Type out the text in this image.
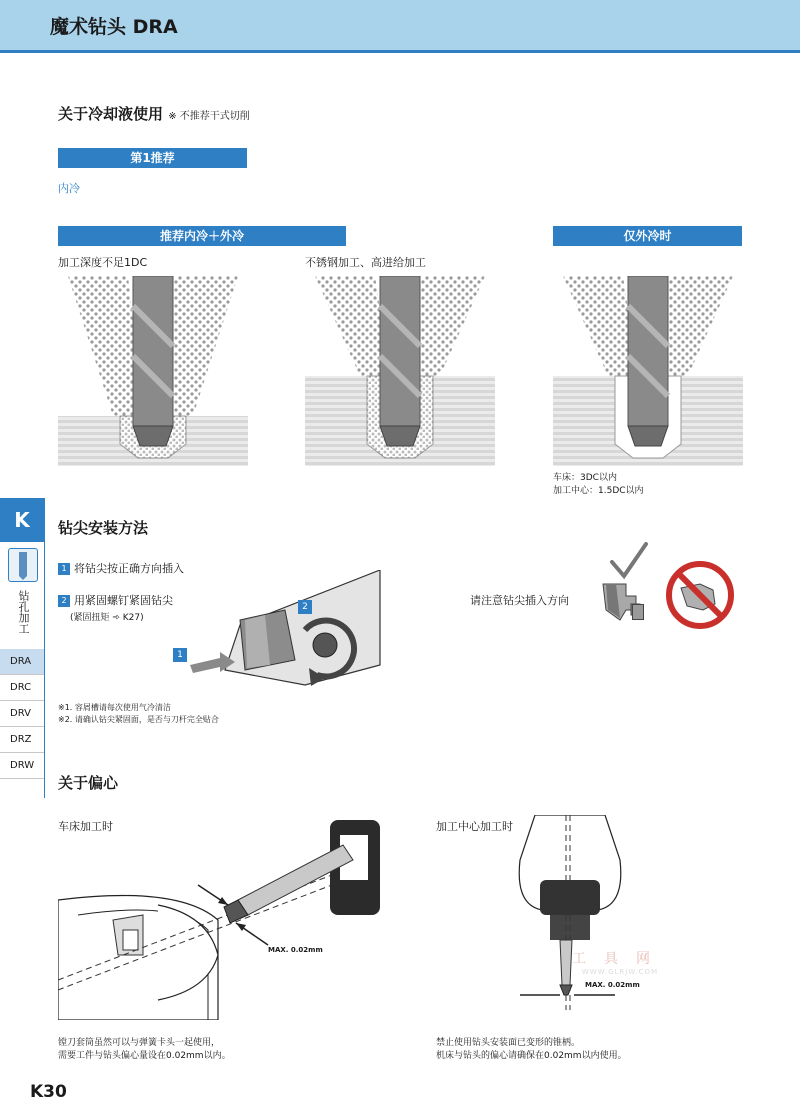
魔术钻头 DRA
关于冷却液使用 ※ 不推荐干式切削
第1推荐
内冷
推荐内冷＋外冷	仅外冷时
加工深度不足1DC	不锈钢加工、高进给加工
车床：3DC以内
加工中心：1.5DC以内
K
钻孔加工
DRA
DRC
DRV
DRZ
DRW
钻尖安装方法
1 将钻尖按正确方向插入
2 用紧固螺钉紧固钻尖
(紧固扭矩 ➾ K27)
1
2	请注意钻尖插入方向
※1. 容屑槽请每次使用气冷清洁
※2. 请确认钻尖紧固面，是否与刀杆完全贴合
关于偏心
车床加工时	加工中心加工时
MAX. 0.02mm
MAX. 0.02mm
工具网
WWW.GLRJW.COM
镗刀套筒虽然可以与弹簧卡头一起使用，
需要工件与钻头偏心量设在0.02mm以内。
禁止使用钻头安装面已变形的锥柄。
机床与钻头的偏心请确保在0.02mm以内使用。
K30
